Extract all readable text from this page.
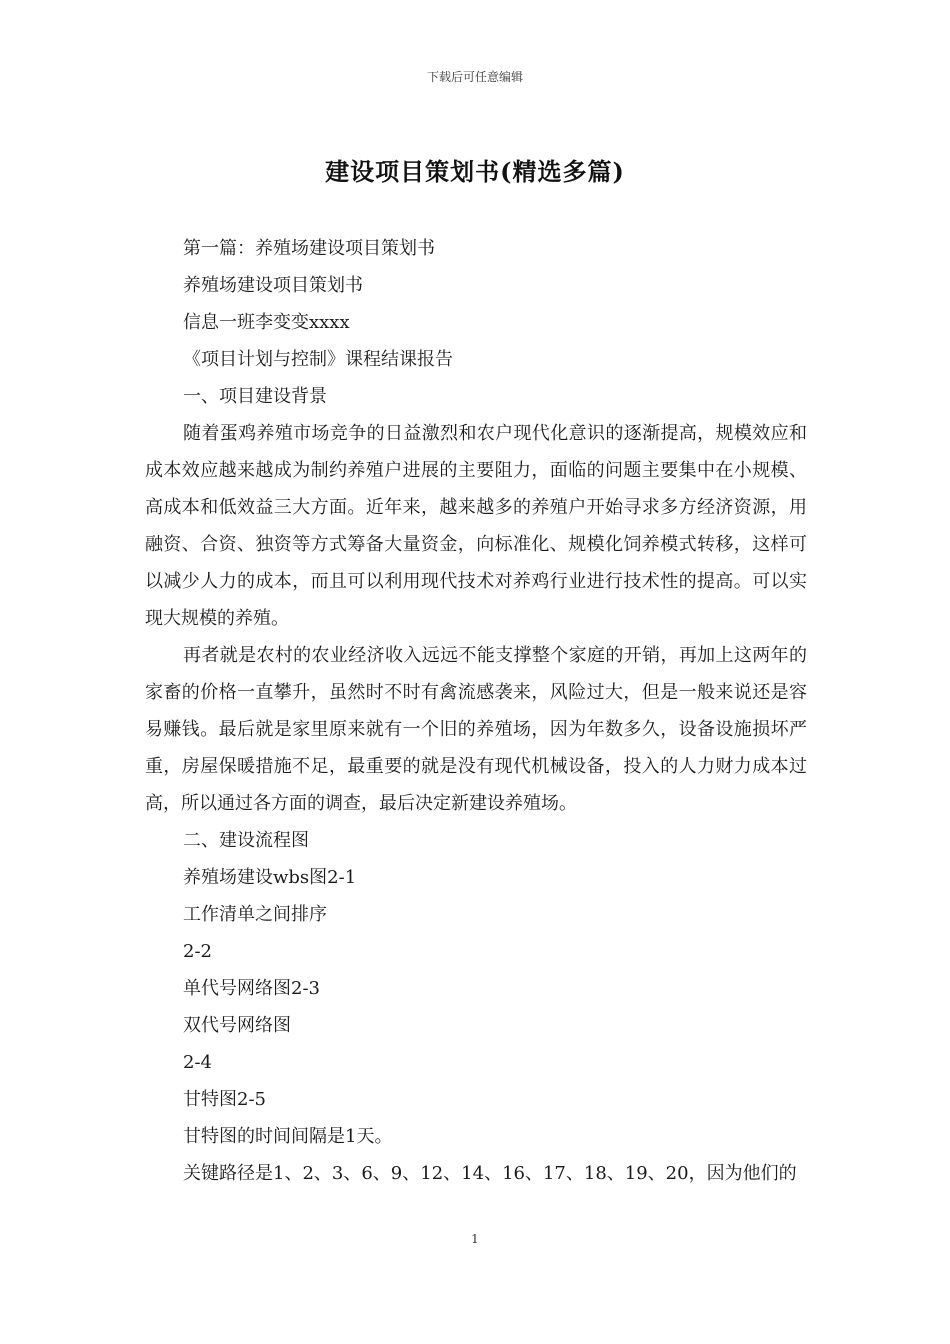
下载后可任意编辑
建设项目策划书(精选多篇)

第一篇：养殖场建设项目策划书

养殖场建设项目策划书

信息一班李变变xxxx

《项目计划与控制》课程结课报告

一、项目建设背景

随着蛋鸡养殖市场竞争的日益激烈和农户现代化意识的逐渐提高，规模效应和成本效应越来越成为制约养殖户进展的主要阻力，面临的问题主要集中在小规模、高成本和低效益三大方面。近年来，越来越多的养殖户开始寻求多方经济资源，用融资、合资、独资等方式筹备大量资金，向标准化、规模化饲养模式转移，这样可以减少人力的成本，而且可以利用现代技术对养鸡行业进行技术性的提高。可以实现大规模的养殖。

再者就是农村的农业经济收入远远不能支撑整个家庭的开销，再加上这两年的家畜的价格一直攀升，虽然时不时有禽流感袭来，风险过大，但是一般来说还是容易赚钱。最后就是家里原来就有一个旧的养殖场，因为年数多久，设备设施损坏严重，房屋保暖措施不足，最重要的就是没有现代机械设备，投入的人力财力成本过高，所以通过各方面的调查，最后决定新建设养殖场。

二、建设流程图

养殖场建设wbs图2-1

工作清单之间排序

2-2

单代号网络图2-3

双代号网络图

2-4

甘特图2-5

甘特图的时间间隔是1天。

关键路径是1、2、3、6、9、12、14、16、17、18、19、20，因为他们的

1
